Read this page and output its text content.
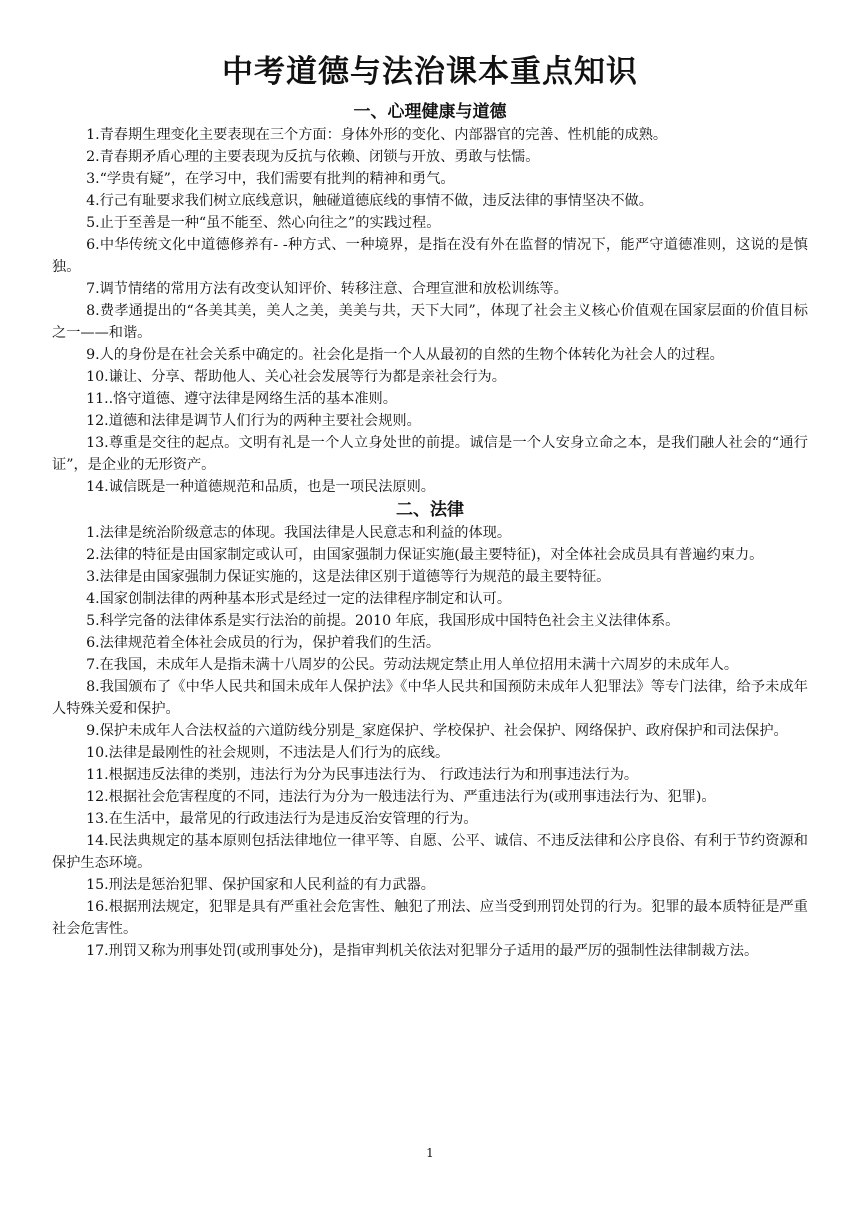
中考道德与法治课本重点知识
一、心理健康与道德

1.青春期生理变化主要表现在三个方面：身体外形的变化、内部器官的完善、性机能的成熟。

2.青春期矛盾心理的主要表现为反抗与依赖、闭锁与开放、勇敢与怯懦。

3.“学贵有疑”，在学习中，我们需要有批判的精神和勇气。

4.行己有耻要求我们树立底线意识，触碰道德底线的事情不做，违反法律的事情坚决不做。

5.止于至善是一种“虽不能至、然心向往之”的实践过程。

6.中华传统文化中道德修养有- -种方式、一种境界，是指在没有外在监督的情况下，能严守道德准则，这说的是慎独。

7.调节情绪的常用方法有改变认知评价、转移注意、合理宣泄和放松训练等。

8.费孝通提出的“各美其美，美人之美，美美与共，天下大同”，体现了社会主义核心价值观在国家层面的价值目标之一——和谐。

9.人的身份是在社会关系中确定的。社会化是指一个人从最初的自然的生物个体转化为社会人的过程。

10.谦让、分享、帮助他人、关心社会发展等行为都是亲社会行为。

11..恪守道德、遵守法律是网络生活的基本准则。

12.道德和法律是调节人们行为的两种主要社会规则。

13.尊重是交往的起点。文明有礼是一个人立身处世的前提。诚信是一个人安身立命之本，是我们融人社会的“通行证”，是企业的无形资产。

14.诚信既是一种道德规范和品质，也是一项民法原则。

二、法律

1.法律是统治阶级意志的体现。我国法律是人民意志和利益的体现。

2.法律的特征是由国家制定或认可，由国家强制力保证实施(最主要特征)，对全体社会成员具有普遍约束力。

3.法律是由国家强制力保证实施的，这是法律区别于道德等行为规范的最主要特征。

4.国家创制法律的两种基本形式是经过一定的法律程序制定和认可。

5.科学完备的法律体系是实行法治的前提。2010 年底，我国形成中国特色社会主义法律体系。

6.法律规范着全体社会成员的行为，保护着我们的生活。

7.在我国，未成年人是指未满十八周岁的公民。劳动法规定禁止用人单位招用未满十六周岁的未成年人。

8.我国颁布了《中华人民共和国未成年人保护法》《中华人民共和国预防未成年人犯罪法》等专门法律，给予未成年人特殊关爱和保护。

9.保护未成年人合法权益的六道防线分别是_家庭保护、学校保护、社会保护、网络保护、政府保护和司法保护。

10.法律是最刚性的社会规则，不违法是人们行为的底线。

11.根据违反法律的类别，违法行为分为民事违法行为、 行政违法行为和刑事违法行为。

12.根据社会危害程度的不同，违法行为分为一般违法行为、严重违法行为(或刑事违法行为、犯罪)。

13.在生活中，最常见的行政违法行为是违反治安管理的行为。

14.民法典规定的基本原则包括法律地位一律平等、自愿、公平、诚信、不违反法律和公序良俗、有利于节约资源和保护生态环境。

15.刑法是惩治犯罪、保护国家和人民利益的有力武器。

16.根据刑法规定，犯罪是具有严重社会危害性、触犯了刑法、应当受到刑罚处罚的行为。犯罪的最本质特征是严重社会危害性。

17.刑罚又称为刑事处罚(或刑事处分)，是指审判机关依法对犯罪分子适用的最严厉的强制性法律制裁方法。

1
